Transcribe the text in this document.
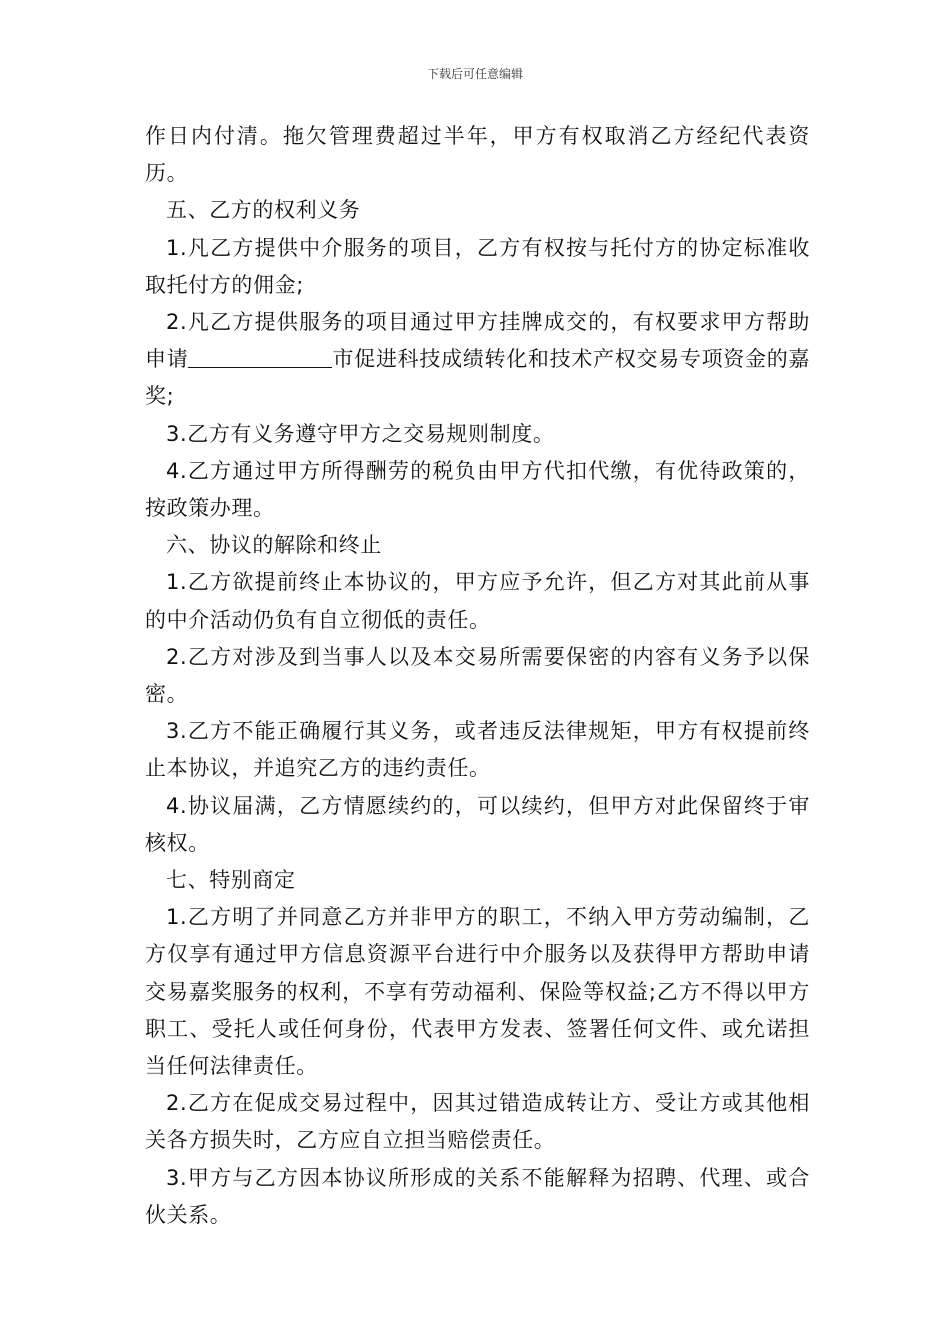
下载后可任意编辑

作日内付清。拖欠管理费超过半年，甲方有权取消乙方经纪代表资历。

五、乙方的权利义务

1.凡乙方提供中介服务的项目，乙方有权按与托付方的协定标准收取托付方的佣金;

2.凡乙方提供服务的项目通过甲方挂牌成交的，有权要求甲方帮助申请	市促进科技成绩转化和技术产权交易专项资金的嘉奖;

3.乙方有义务遵守甲方之交易规则制度。

4.乙方通过甲方所得酬劳的税负由甲方代扣代缴，有优待政策的，按政策办理。

六、协议的解除和终止

1.乙方欲提前终止本协议的，甲方应予允许，但乙方对其此前从事的中介活动仍负有自立彻低的责任。

2.乙方对涉及到当事人以及本交易所需要保密的内容有义务予以保密。

3.乙方不能正确履行其义务，或者违反法律规矩，甲方有权提前终止本协议，并追究乙方的违约责任。

4.协议届满，乙方情愿续约的，可以续约，但甲方对此保留终于审核权。

七、特别商定

1.乙方明了并同意乙方并非甲方的职工，不纳入甲方劳动编制，乙方仅享有通过甲方信息资源平台进行中介服务以及获得甲方帮助申请交易嘉奖服务的权利，不享有劳动福利、保险等权益;乙方不得以甲方职工、受托人或任何身份，代表甲方发表、签署任何文件、或允诺担当任何法律责任。

2.乙方在促成交易过程中，因其过错造成转让方、受让方或其他相关各方损失时，乙方应自立担当赔偿责任。

3.甲方与乙方因本协议所形成的关系不能解释为招聘、代理、或合伙关系。
